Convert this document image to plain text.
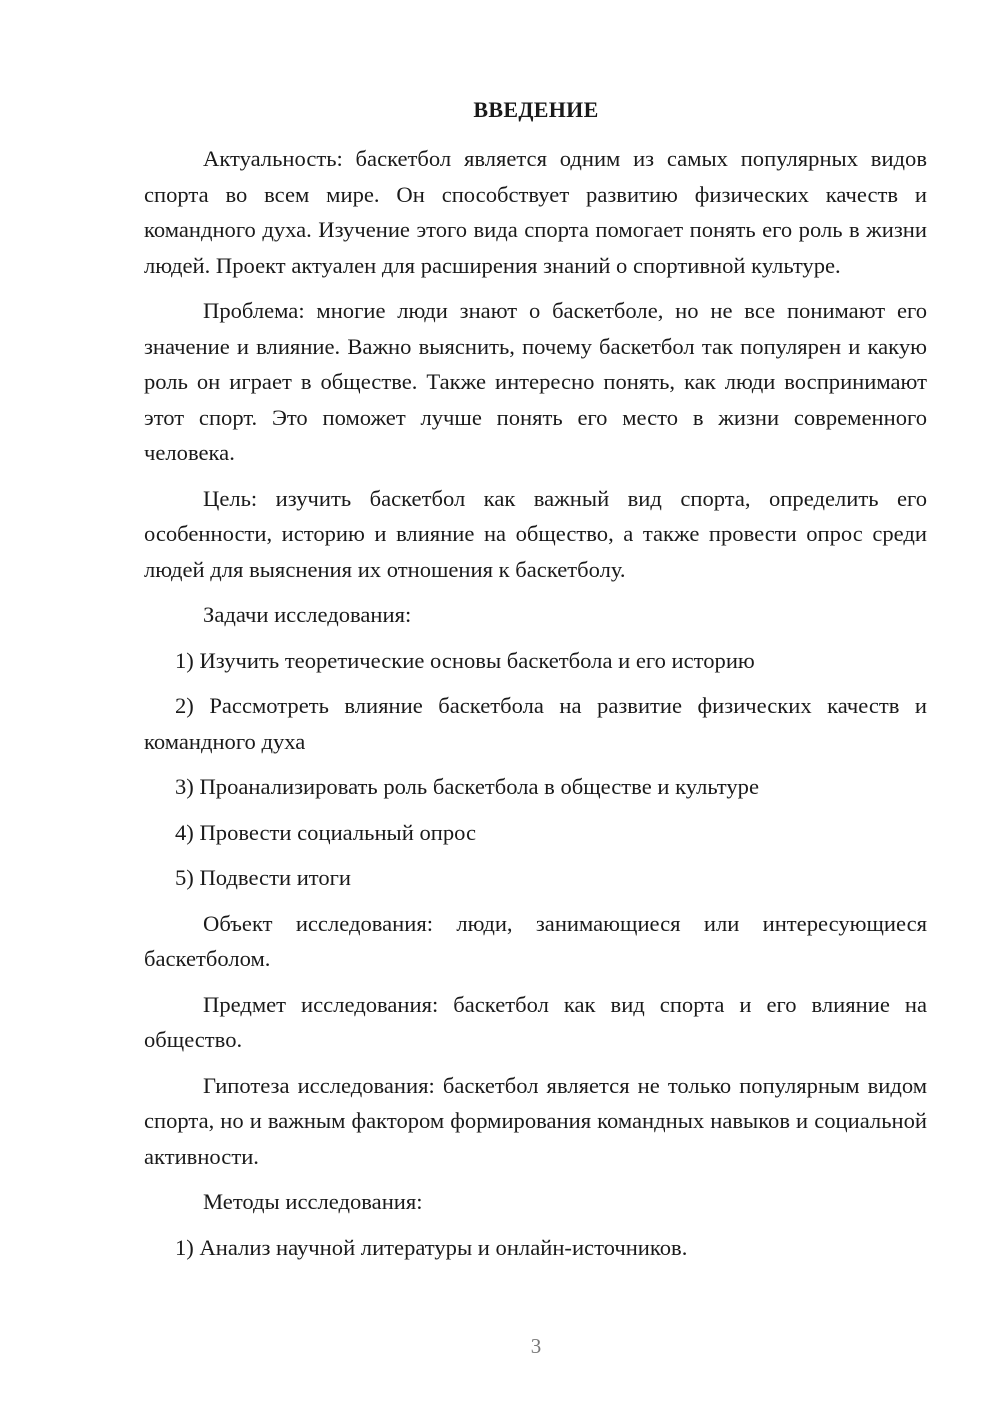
ВВЕДЕНИЕ

Актуальность: баскетбол является одним из самых популярных видов спорта во всем мире. Он способствует развитию физических качеств и командного духа. Изучение этого вида спорта помогает понять его роль в жизни людей. Проект актуален для расширения знаний о спортивной культуре.

Проблема: многие люди знают о баскетболе, но не все понимают его значение и влияние. Важно выяснить, почему баскетбол так популярен и какую роль он играет в обществе. Также интересно понять, как люди воспринимают этот спорт. Это поможет лучше понять его место в жизни современного человека.

Цель: изучить баскетбол как важный вид спорта, определить его особенности, историю и влияние на общество, а также провести опрос среди людей для выяснения их отношения к баскетболу.

Задачи исследования:

1) Изучить теоретические основы баскетбола и его историю

2) Рассмотреть влияние баскетбола на развитие физических качеств и командного духа

3) Проанализировать роль баскетбола в обществе и культуре

4) Провести социальный опрос

5) Подвести итоги

Объект исследования: люди, занимающиеся или интересующиеся баскетболом.

Предмет исследования: баскетбол как вид спорта и его влияние на общество.

Гипотеза исследования: баскетбол является не только популярным видом спорта, но и важным фактором формирования командных навыков и социальной активности.

Методы исследования:

1) Анализ научной литературы и онлайн-источников.

3
